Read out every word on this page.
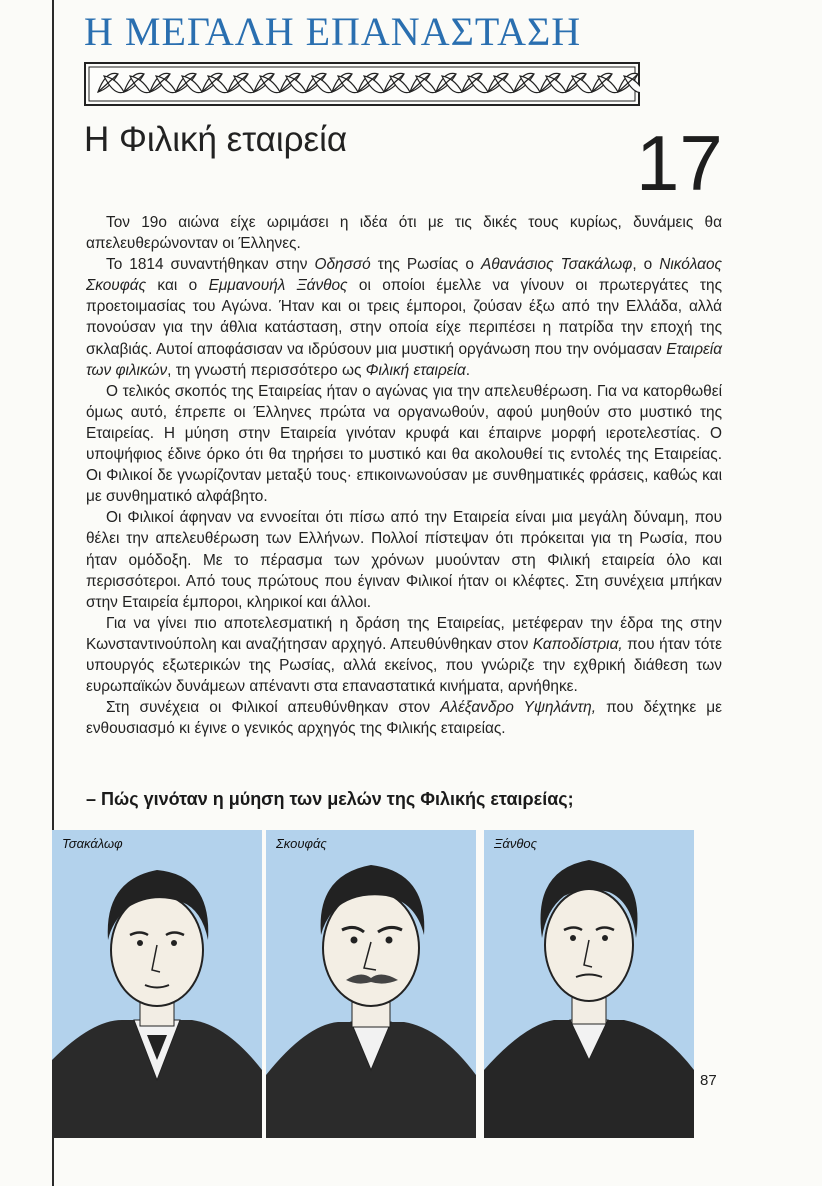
Η ΜΕΓΑΛΗ ΕΠΑΝΑΣΤΑΣΗ
Η Φιλική εταιρεία	17

Τον 19ο αιώνα είχε ωριμάσει η ιδέα ότι με τις δικές τους κυρίως, δυνάμεις θα απελευθερώνονταν οι Έλληνες.

Το 1814 συναντήθηκαν στην Οδησσό της Ρωσίας ο Αθανάσιος Τσακάλωφ, ο Νικόλαος Σκουφάς και ο Εμμανουήλ Ξάνθος οι οποίοι έμελλε να γίνουν οι πρωτεργάτες της προετοιμασίας του Αγώνα. Ήταν και οι τρεις έμποροι, ζούσαν έξω από την Ελλάδα, αλλά πονούσαν για την άθλια κατάσταση, στην οποία είχε περιπέσει η πατρίδα την εποχή της σκλαβιάς. Αυτοί αποφάσισαν να ιδρύσουν μια μυστική οργάνωση που την ονόμασαν Εταιρεία των φιλικών, τη γνωστή περισσότερο ως Φιλική εταιρεία.

Ο τελικός σκοπός της Εταιρείας ήταν ο αγώνας για την απελευθέρωση. Για να κατορθωθεί όμως αυτό, έπρεπε οι Έλληνες πρώτα να οργανωθούν, αφού μυηθούν στο μυστικό της Εταιρείας. Η μύηση στην Εταιρεία γινόταν κρυφά και έπαιρνε μορφή ιεροτελεστίας. Ο υποψήφιος έδινε όρκο ότι θα τηρήσει το μυστικό και θα ακολουθεί τις εντολές της Εταιρείας. Οι Φιλικοί δε γνωρίζονταν μεταξύ τους· επικοινωνούσαν με συνθηματικές φράσεις, καθώς και με συνθηματικό αλφάβητο.

Οι Φιλικοί άφηναν να εννοείται ότι πίσω από την Εταιρεία είναι μια μεγάλη δύναμη, που θέλει την απελευθέρωση των Ελλήνων. Πολλοί πίστεψαν ότι πρόκειται για τη Ρωσία, που ήταν ομόδοξη. Με το πέρασμα των χρόνων μυούνταν στη Φιλική εταιρεία όλο και περισσότεροι. Από τους πρώτους που έγιναν Φιλικοί ήταν οι κλέφτες. Στη συνέχεια μπήκαν στην Εταιρεία έμποροι, κληρικοί και άλλοι.

Για να γίνει πιο αποτελεσματική η δράση της Εταιρείας, μετέφεραν την έδρα της στην Κωνσταντινούπολη και αναζήτησαν αρχηγό. Απευθύνθηκαν στον Καποδίστρια, που ήταν τότε υπουργός εξωτερικών της Ρωσίας, αλλά εκείνος, που γνώριζε την εχθρική διάθεση των ευρωπαϊκών δυνάμεων απέναντι στα επαναστατικά κινήματα, αρνήθηκε.

Στη συνέχεια οι Φιλικοί απευθύνθηκαν στον Αλέξανδρο Υψηλάντη, που δέχτηκε με ενθουσιασμό κι έγινε ο γενικός αρχηγός της Φιλικής εταιρείας.

– Πώς γινόταν η μύηση των μελών της Φιλικής εταιρείας;
Τσακάλωφ	Σκουφάς	Ξάνθος
87
